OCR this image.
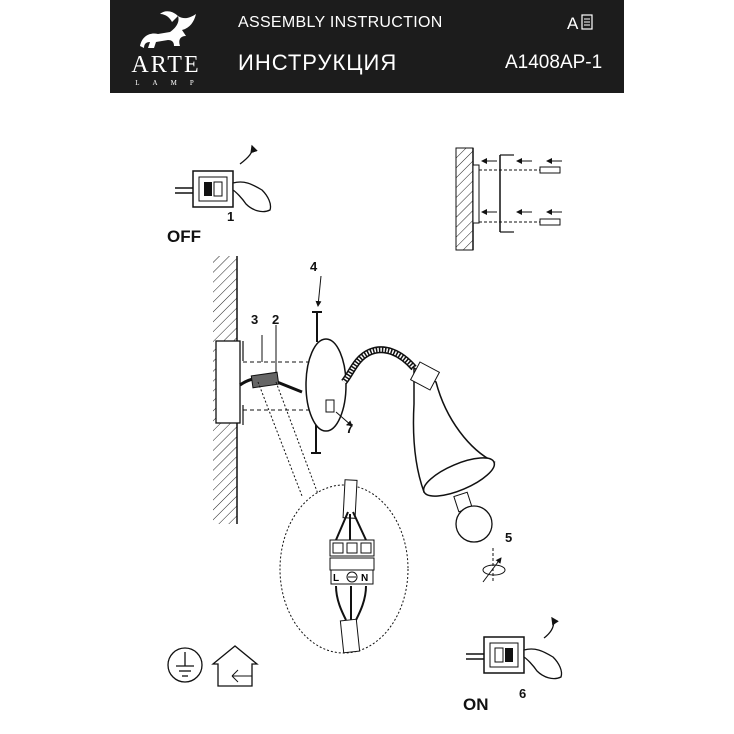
ARTE
LAMP
ASSEMBLY INSTRUCTION
ИНСТРУКЦИЯ
A
A1408AP-1
1
OFF
3 2
4
7
5
L N
6
ON
